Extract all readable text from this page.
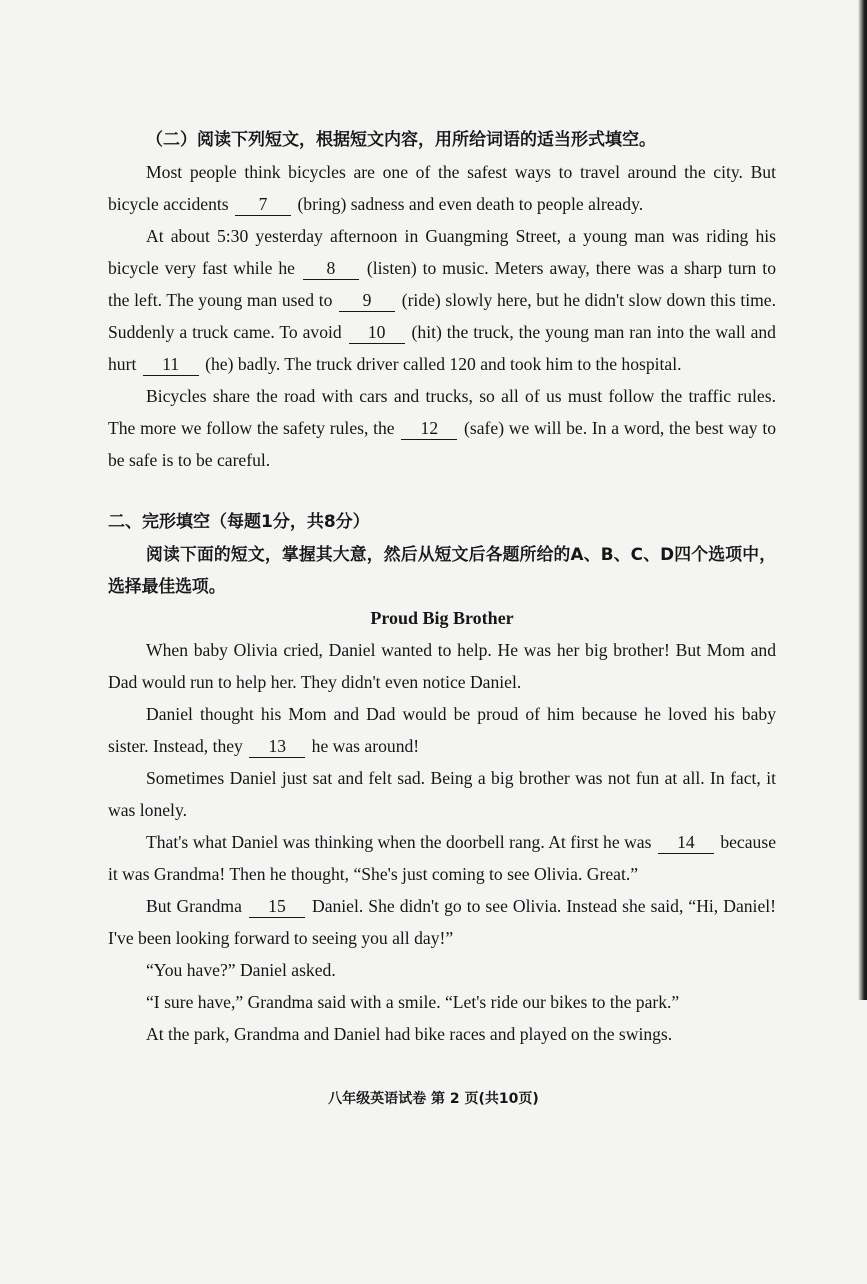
（二）阅读下列短文，根据短文内容，用所给词语的适当形式填空。

Most people think bicycles are one of the safest ways to travel around the city. But bicycle accidents 7 (bring) sadness and even death to people already.

At about 5:30 yesterday afternoon in Guangming Street, a young man was riding his bicycle very fast while he 8 (listen) to music. Meters away, there was a sharp turn to the left. The young man used to 9 (ride) slowly here, but he didn't slow down this time. Suddenly a truck came. To avoid 10 (hit) the truck, the young man ran into the wall and hurt 11 (he) badly. The truck driver called 120 and took him to the hospital.

Bicycles share the road with cars and trucks, so all of us must follow the traffic rules. The more we follow the safety rules, the 12 (safe) we will be. In a word, the best way to be safe is to be careful.

二、完形填空（每题1分，共8分）

阅读下面的短文，掌握其大意，然后从短文后各题所给的A、B、C、D四个选项中，选择最佳选项。

Proud Big Brother

When baby Olivia cried, Daniel wanted to help. He was her big brother! But Mom and Dad would run to help her. They didn't even notice Daniel.

Daniel thought his Mom and Dad would be proud of him because he loved his baby sister. Instead, they 13 he was around!

Sometimes Daniel just sat and felt sad. Being a big brother was not fun at all. In fact, it was lonely.

That's what Daniel was thinking when the doorbell rang. At first he was 14 because it was Grandma! Then he thought, “She's just coming to see Olivia. Great.”

But Grandma 15 Daniel. She didn't go to see Olivia. Instead she said, “Hi, Daniel! I've been looking forward to seeing you all day!”

“You have?” Daniel asked.

“I sure have,” Grandma said with a smile. “Let's ride our bikes to the park.”

At the park, Grandma and Daniel had bike races and played on the swings.

八年级英语试卷 第 2 页(共10页)
